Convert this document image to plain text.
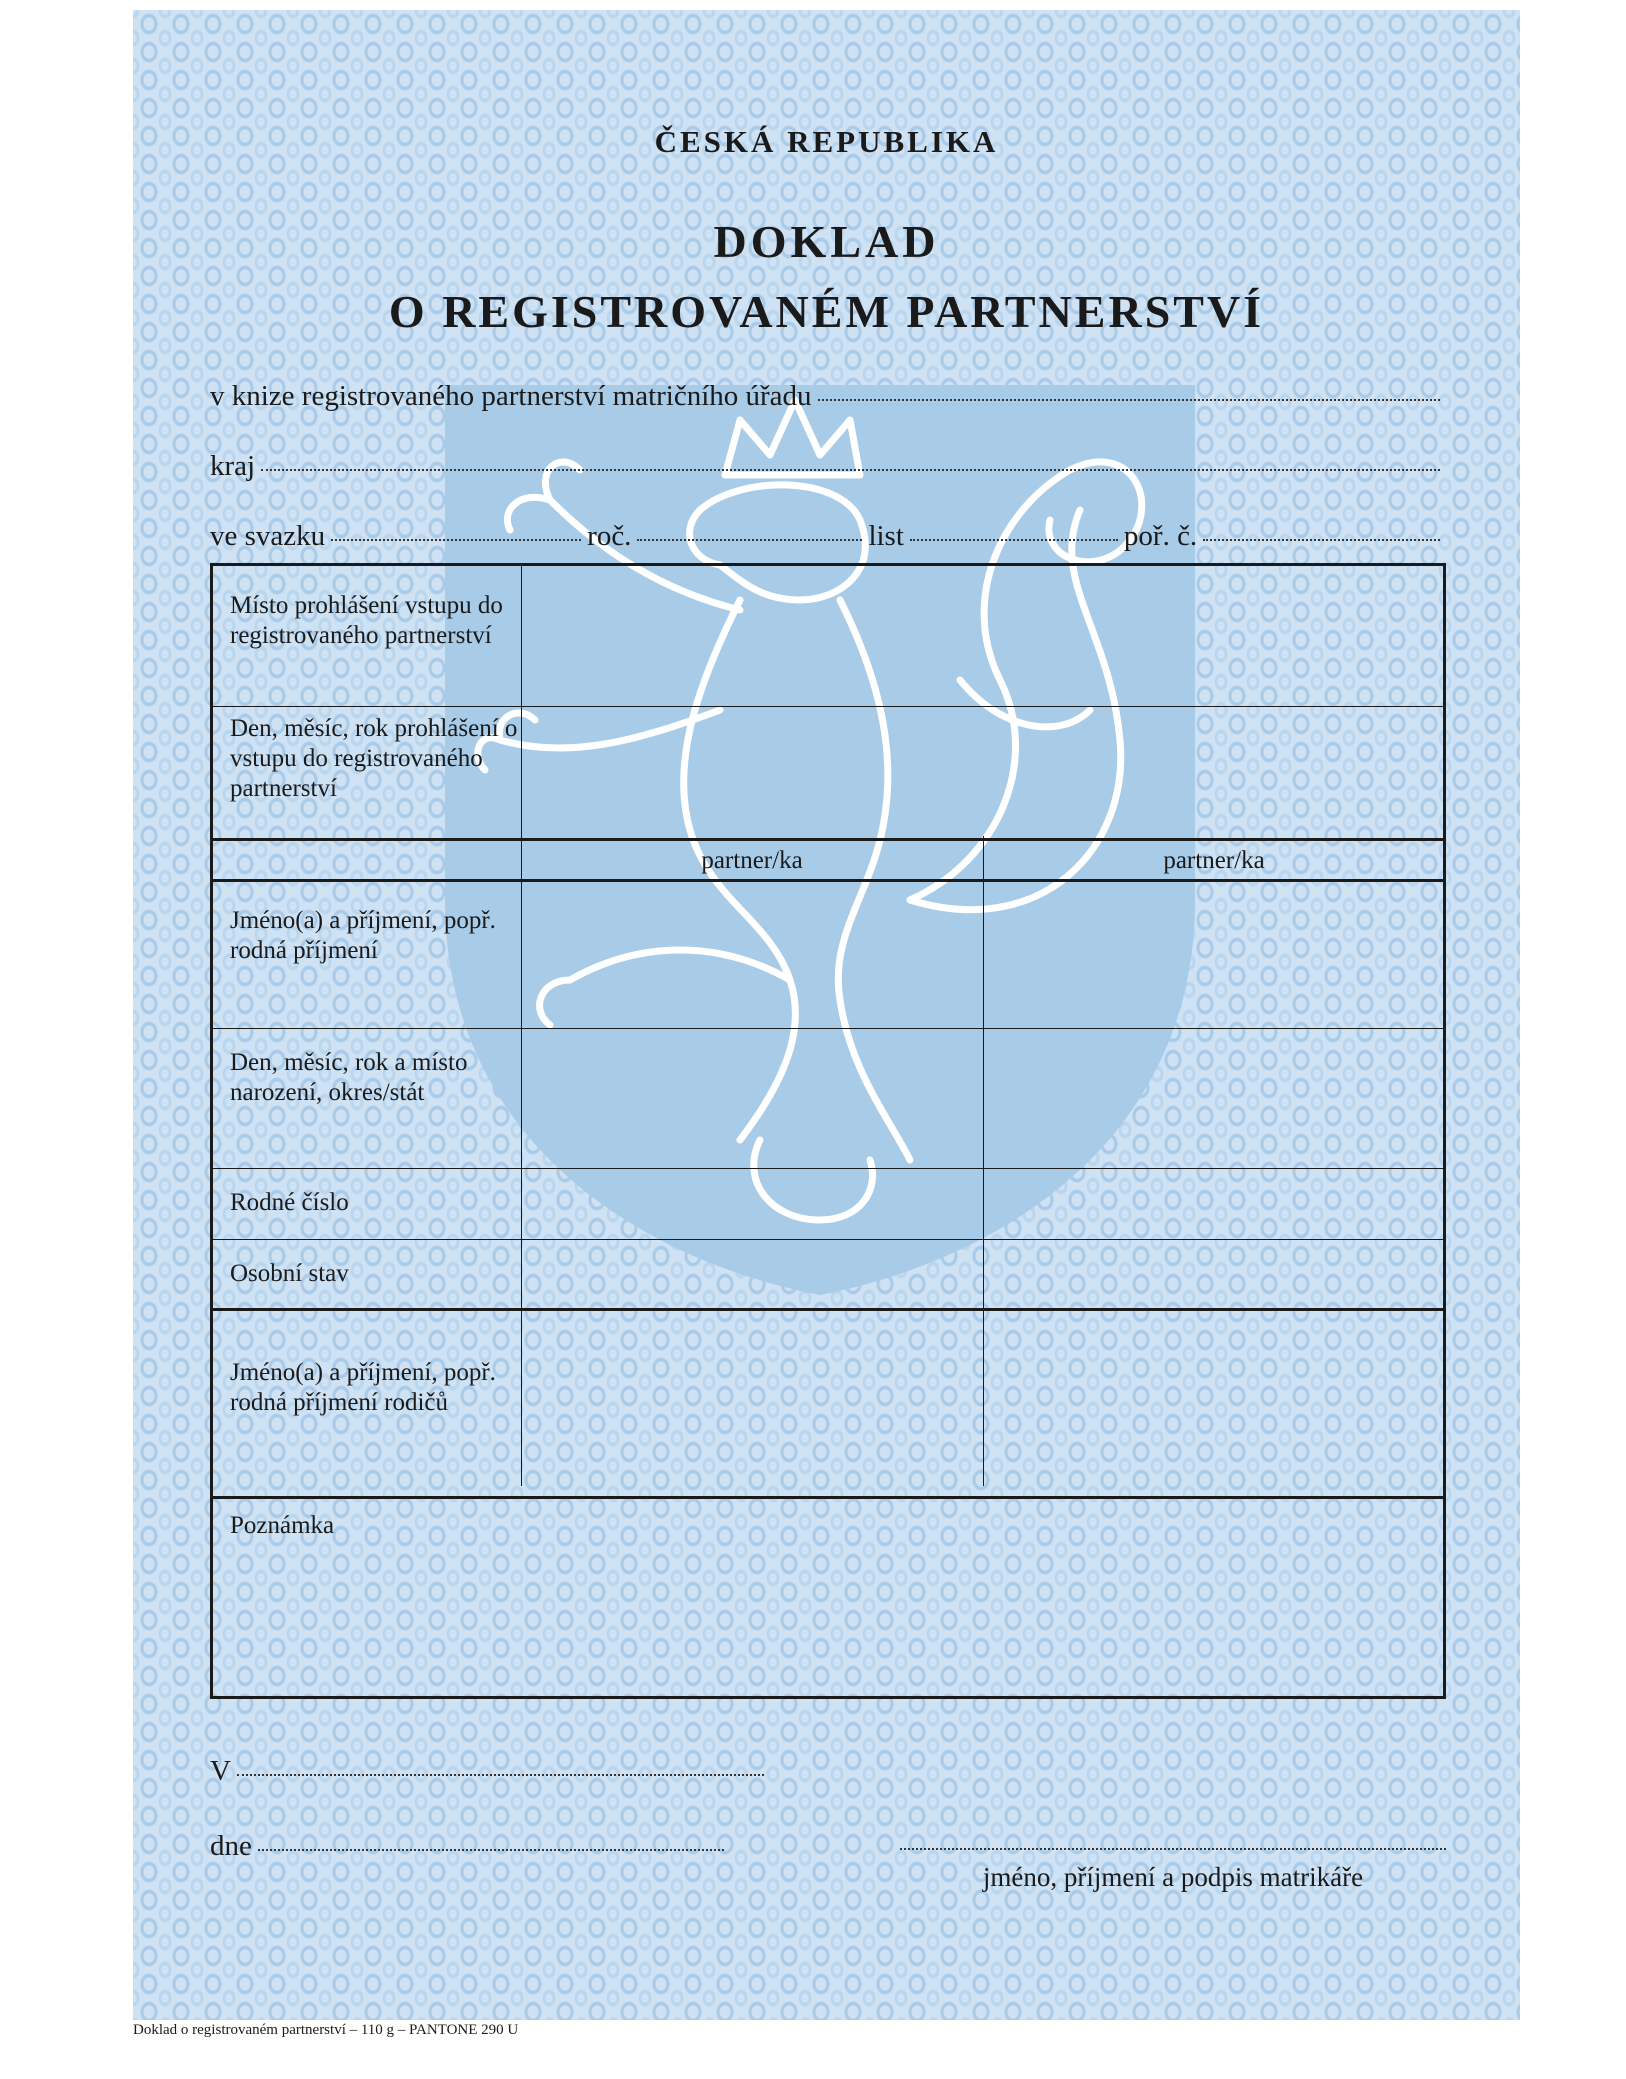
ČESKÁ REPUBLIKA
DOKLAD
O REGISTROVANÉM PARTNERSTVÍ
v knize registrovaného partnerství matričního úřadu
kraj
ve svazku	roč.	list	poř. č.
Místo prohlášení vstupu do registrovaného partnerství
Den, měsíc, rok prohlášení o vstupu do registrovaného partnerství
partner/ka	partner/ka
Jméno(a) a příjmení, popř. rodná příjmení
Den, měsíc, rok a místo narození, okres/stát
Rodné číslo
Osobní stav
Jméno(a) a příjmení, popř. rodná příjmení rodičů
Poznámka
V
dne
jméno, příjmení a podpis matrikáře
Doklad o registrovaném partnerství – 110 g – PANTONE 290 U
